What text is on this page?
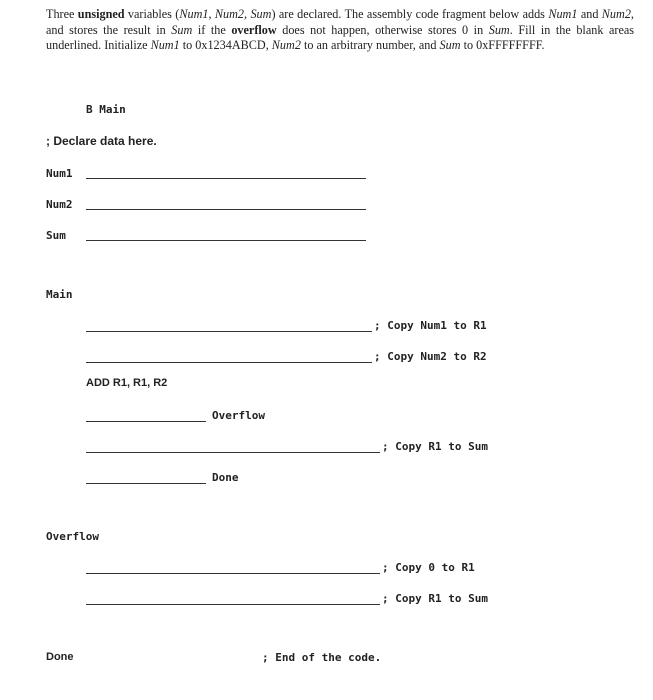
Three unsigned variables (Num1, Num2, Sum) are declared. The assembly code fragment below adds Num1 and Num2, and stores the result in Sum if the overflow does not happen, otherwise stores 0 in Sum. Fill in the blank areas underlined. Initialize Num1 to 0x1234ABCD, Num2 to an arbitrary number, and Sum to 0xFFFFFFFF.
B Main
; Declare data here.
Num1
Num2
Sum
Main
; Copy Num1 to R1
; Copy Num2 to R2
ADD R1, R1, R2
Overflow
; Copy R1 to Sum
Done
Overflow
; Copy 0 to R1
; Copy R1 to Sum
Done	; End of the code.
